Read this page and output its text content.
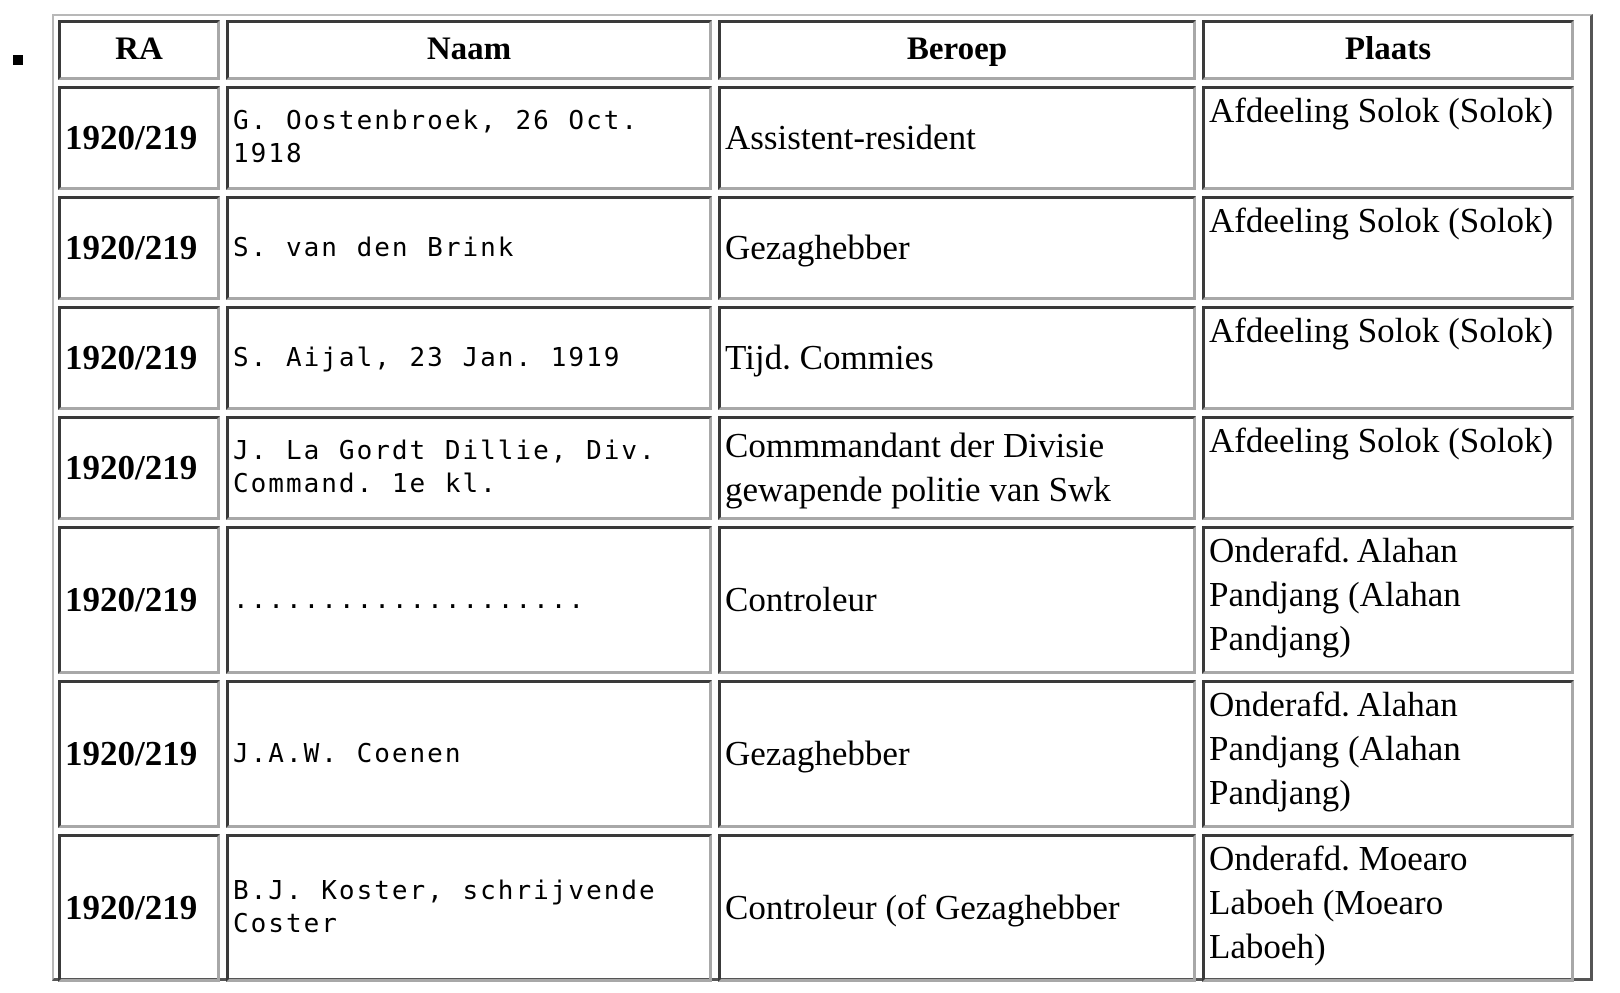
RA	Naam	Beroep	Plaats
1920/219	G. Oostenbroek, 26 Oct. 1918	Assistent-resident	Afdeeling Solok (Solok)
1920/219	S. van den Brink	Gezaghebber	Afdeeling Solok (Solok)
1920/219	S. Aijal, 23 Jan. 1919	Tijd. Commies	Afdeeling Solok (Solok)
1920/219	J. La Gordt Dillie, Div. Command. 1e kl.	Commmandant der Divisie gewapende politie van Swk	Afdeeling Solok (Solok)
1920/219	....................	Controleur	Onderafd. Alahan Pandjang (Alahan Pandjang)
1920/219	J.A.W. Coenen	Gezaghebber	Onderafd. Alahan Pandjang (Alahan Pandjang)
1920/219	B.J. Koster, schrijvende Coster	Controleur (of Gezaghebber	Onderafd. Moearo Laboeh (Moearo Laboeh)
